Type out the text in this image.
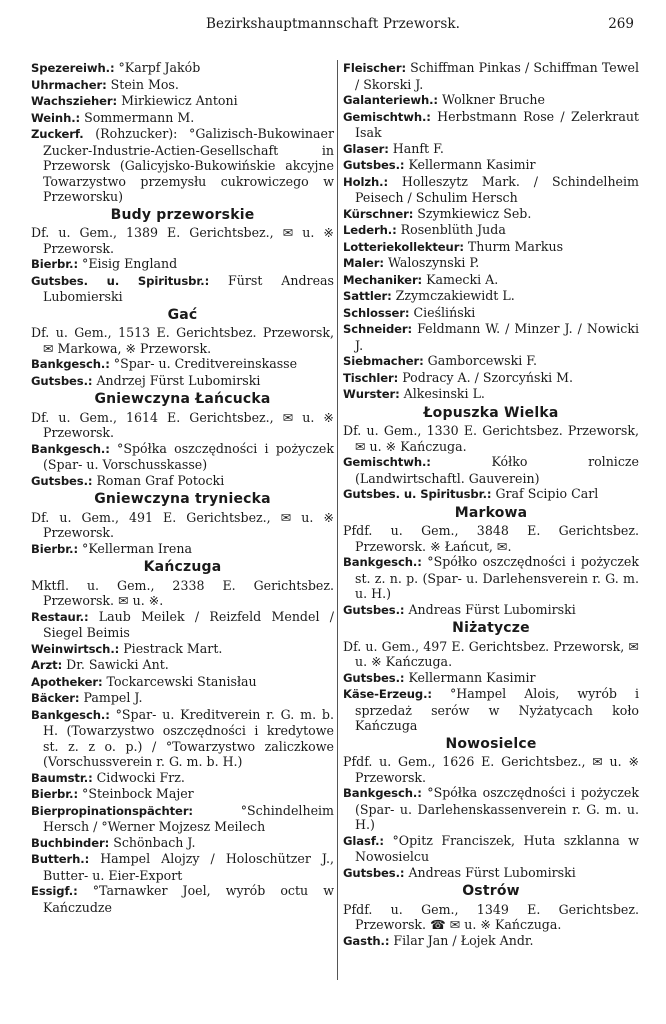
Bezirkshauptmannschaft Przeworsk.	269

Spezereiwh.: °Karpf Jakób

Uhrmacher: Stein Mos.

Wachszieher: Mirkiewicz Antoni

Weinh.: Sommermann M.

Zuckerf. (Rohzucker): °Galizisch-Bukowinaer Zucker-Industrie-Actien-Gesellschaft in Przeworsk (Galicyjsko-Bukowińskie akcyjne Towarzystwo przemysłu cukrowiczego w Przeworsku)

Budy przeworskie

Df. u. Gem., 1389 E. Gerichtsbez., ✉ u. ※ Przeworsk.

Bierbr.: °Eisig England

Gutsbes. u. Spiritusbr.: Fürst Andreas Lubomierski

Gać

Df. u. Gem., 1513 E. Gerichtsbez. Przeworsk, ✉ Markowa, ※ Przeworsk.

Bankgesch.: °Spar- u. Creditvereinskasse

Gutsbes.: Andrzej Fürst Lubomirski

Gniewczyna Łańcucka

Df. u. Gem., 1614 E. Gerichtsbez., ✉ u. ※ Przeworsk.

Bankgesch.: °Spółka oszczędności i pożyczek (Spar- u. Vorschusskasse)

Gutsbes.: Roman Graf Potocki

Gniewczyna trynieckа

Df. u. Gem., 491 E. Gerichtsbez., ✉ u. ※ Przeworsk.

Bierbr.: °Kellerman Irena

Kańczuga

Mktfl. u. Gem., 2338 E. Gerichtsbez. Przeworsk. ✉ u. ※.

Restaur.: Laub Meilek / Reizfeld Mendel / Siegel Beimis

Weinwirtsch.: Piestrack Mart.

Arzt: Dr. Sawicki Ant.

Apotheker: Tockarcewski Stanisłau

Bäcker: Pampel J.

Bankgesch.: °Spar- u. Kreditverein r. G. m. b. H. (Towarzystwo oszczędności i kredytowe st. z. z o. p.) / °Towarzystwo zaliczkowe (Vorschussverein r. G. m. b. H.)

Baumstr.: Cidwocki Frz.

Bierbr.: °Steinbock Majer

Bierpropinationspächter:	°Schindelheim Hersch / °Werner Mojzesz Meilech

Buchbinder: Schönbach J.

Butterh.: Hampel Alojzy / Holoschützer J., Butter- u. Eier-Export

Essigf.: °Tarnawker Joel, wyrób octu w Kańczudze

Fleischer: Schiffman Pinkas / Schiffman Tewel / Skorski J.

Galanteriewh.: Wolkner Bruche

Gemischtwh.: Herbstmann Rose / Zelerkraut Isak

Glaser: Hanft F.

Gutsbes.: Kellermann Kasimir

Holzh.: Holleszytz Mark. / Schindelheim Peisech / Schulim Hersch

Kürschner: Szymkiewicz Seb.

Lederh.: Rosenblüth Juda

Lotteriekollekteur: Thurm Markus

Maler: Waloszynski P.

Mechaniker: Kamecki A.

Sattler: Zzymczakiewidt L.

Schlosser: Cieśliński

Schneider: Feldmann W. / Minzer J. / Nowicki J.

Siebmacher: Gamborcewski F.

Tischler: Podracy A. / Szorcyński M.

Wurster: Alkesinski L.

Łopuszka Wielka

Df. u. Gem., 1330 E. Gerichtsbez. Przeworsk, ✉ u. ※ Kańczuga.

Gemischtwh.:	Kółko rolnicze (Landwirtschaftl. Gauverein)

Gutsbes. u. Spiritusbr.: Graf Scipio Carl

Markowa

Pfdf. u. Gem., 3848 E. Gerichtsbez. Przeworsk. ※ Łańcut, ✉.

Bankgesch.: °Spółko oszczędności i pożyczek st. z. n. p. (Spar- u. Darlehensverein r. G. m. u. H.)

Gutsbes.: Andreas Fürst Lubomirski

Niżatycze

Df. u. Gem., 497 E. Gerichtsbez. Przeworsk, ✉ u. ※ Kańczuga.

Gutsbes.: Kellermann Kasimir

Käse-Erzeug.: °Hampel Alois, wyrób i sprzedaż serów w Nyżatycach koło Kańczuga

Nowosielce

Pfdf. u. Gem., 1626 E. Gerichtsbez., ✉ u. ※ Przeworsk.

Bankgesch.: °Spółka oszczędności i pożyczek (Spar- u. Darlehenskassenverein r. G. m. u. H.)

Glasf.: °Opitz Franciszek, Huta szklanna w Nowosielcu

Gutsbes.: Andreas Fürst Lubomirski

Ostrów

Pfdf. u. Gem., 1349 E. Gerichtsbez. Przeworsk. ☎ ✉ u. ※ Kańczuga.

Gasth.: Filar Jan / Łojek Andr.
